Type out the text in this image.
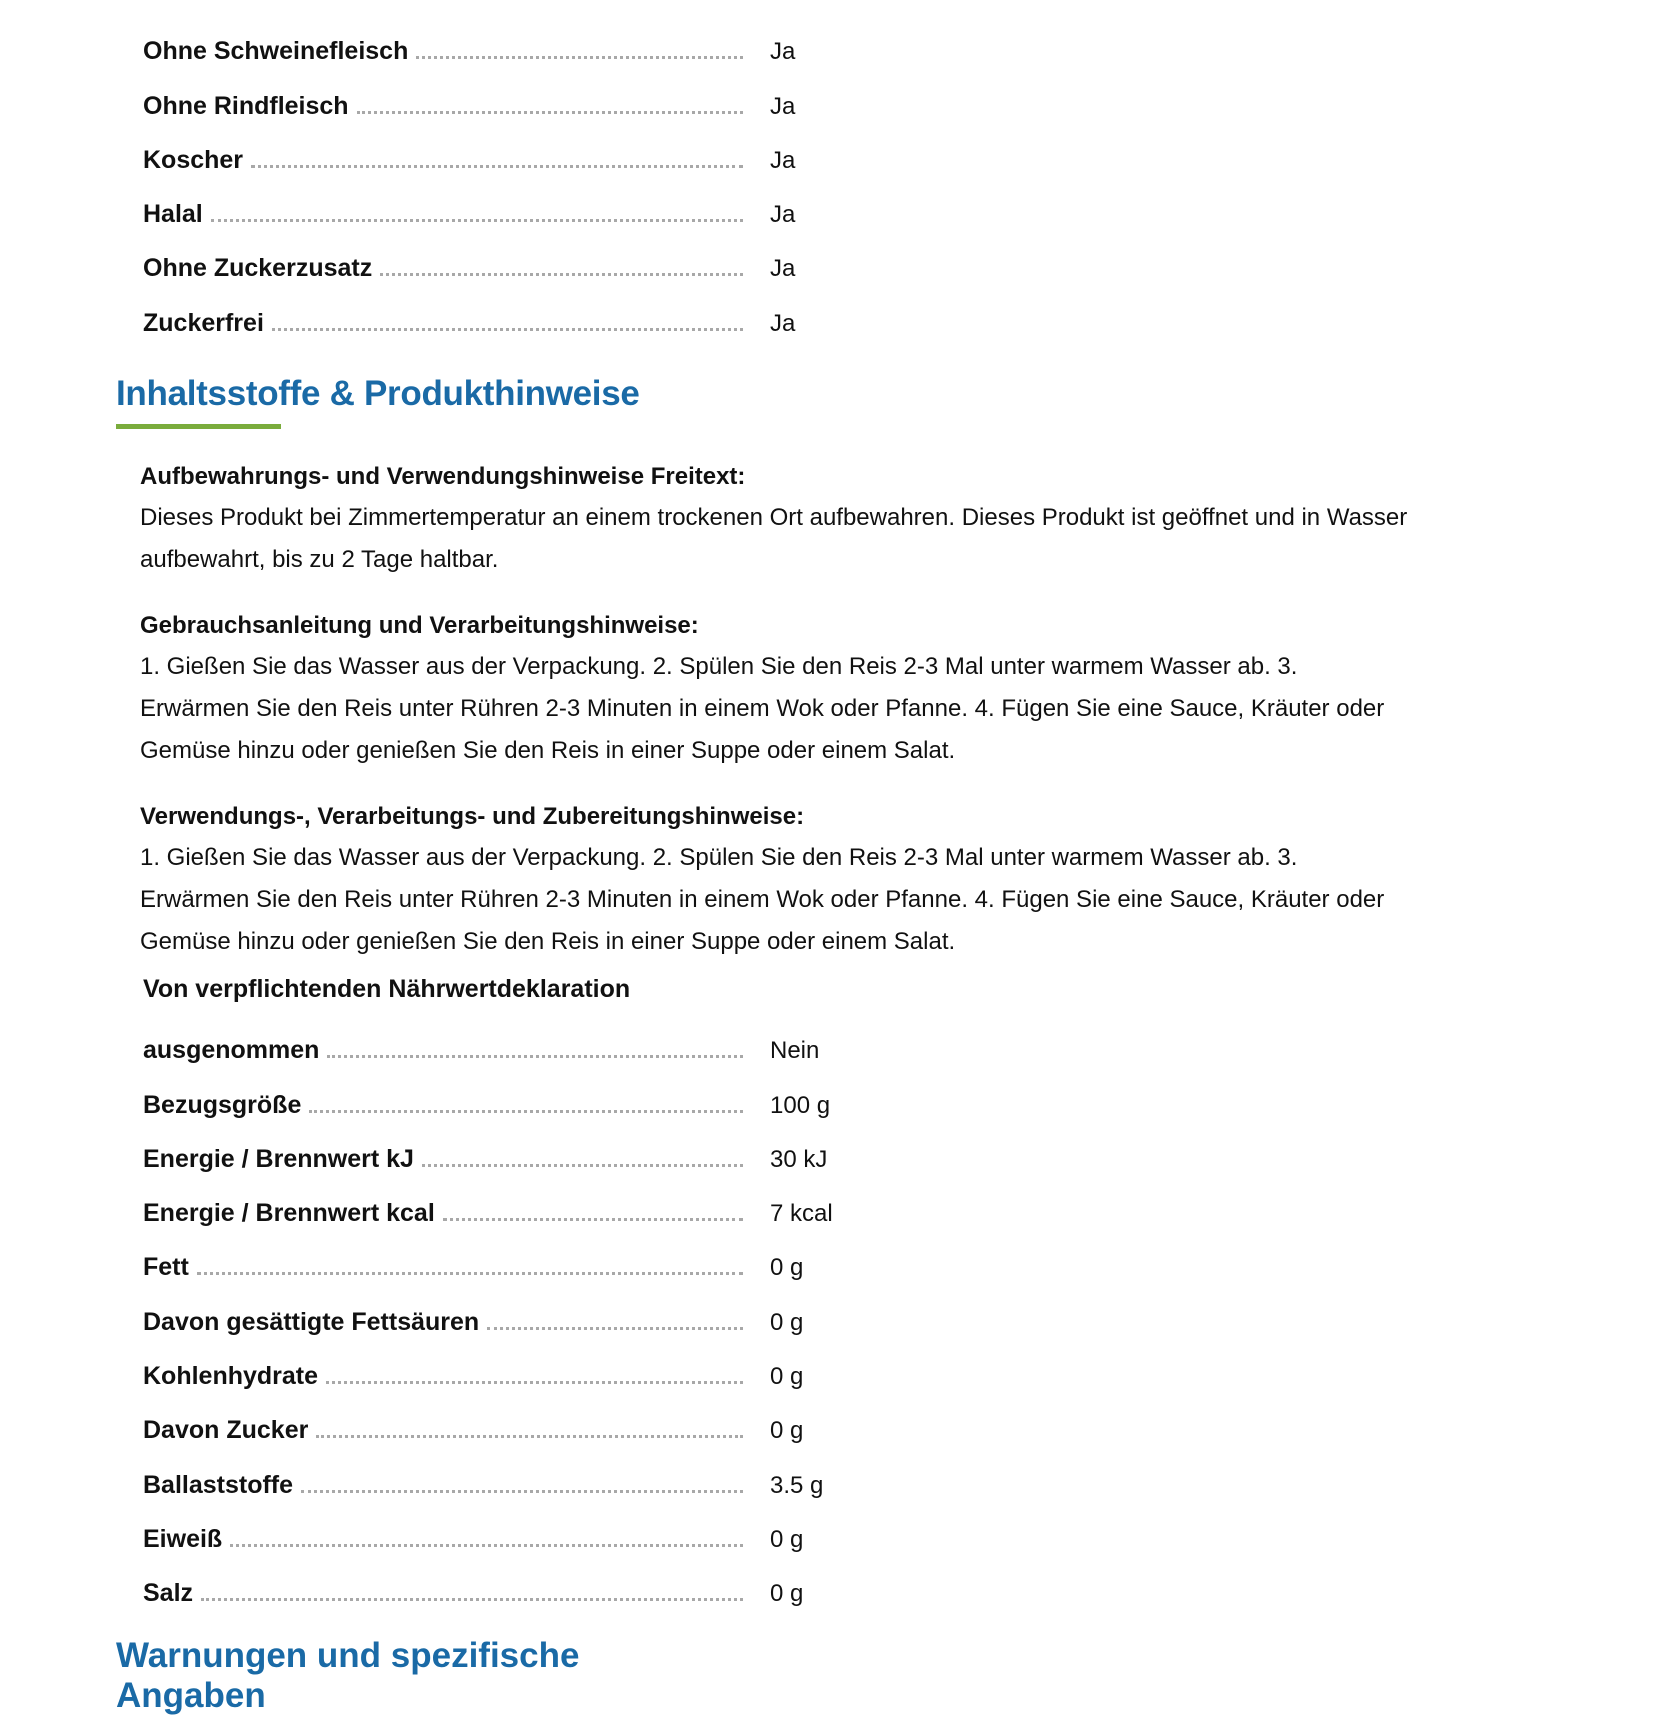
Ohne Schweinefleisch	Ja
Ohne Rindfleisch	Ja
Koscher	Ja
Halal	Ja
Ohne Zuckerzusatz	Ja
Zuckerfrei	Ja
Inhaltsstoffe & Produkthinweise
Aufbewahrungs- und Verwendungshinweise Freitext:
Dieses Produkt bei Zimmertemperatur an einem trockenen Ort aufbewahren. Dieses Produkt ist geöffnet und in Wasser aufbewahrt, bis zu 2 Tage haltbar.
Gebrauchsanleitung und Verarbeitungshinweise:
1. Gießen Sie das Wasser aus der Verpackung. 2. Spülen Sie den Reis 2-3 Mal unter warmem Wasser ab. 3. Erwärmen Sie den Reis unter Rühren 2-3 Minuten in einem Wok oder Pfanne. 4. Fügen Sie eine Sauce, Kräuter oder Gemüse hinzu oder genießen Sie den Reis in einer Suppe oder einem Salat.
Verwendungs-, Verarbeitungs- und Zubereitungshinweise:
1. Gießen Sie das Wasser aus der Verpackung. 2. Spülen Sie den Reis 2-3 Mal unter warmem Wasser ab. 3. Erwärmen Sie den Reis unter Rühren 2-3 Minuten in einem Wok oder Pfanne. 4. Fügen Sie eine Sauce, Kräuter oder Gemüse hinzu oder genießen Sie den Reis in einer Suppe oder einem Salat.
Von verpflichtenden Nährwertdeklaration
ausgenommen	Nein
Bezugsgröße	100 g
Energie / Brennwert kJ	30 kJ
Energie / Brennwert kcal	7 kcal
Fett	0 g
Davon gesättigte Fettsäuren	0 g
Kohlenhydrate	0 g
Davon Zucker	0 g
Ballaststoffe	3.5 g
Eiweiß	0 g
Salz	0 g
Warnungen und spezifische Angaben
